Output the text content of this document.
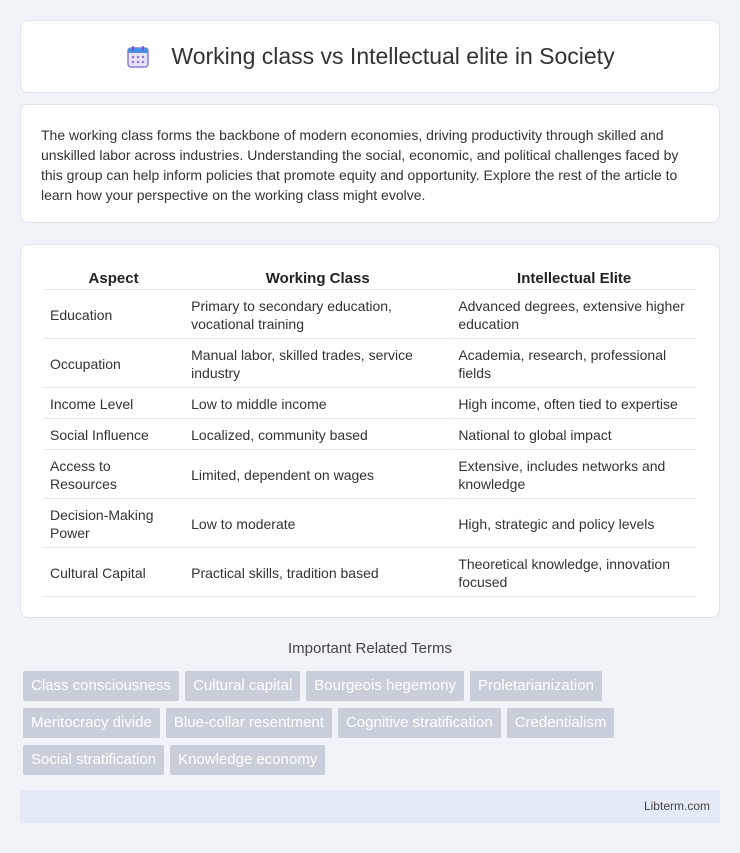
Working class vs Intellectual elite in Society

The working class forms the backbone of modern economies, driving productivity through skilled and unskilled labor across industries. Understanding the social, economic, and political challenges faced by this group can help inform policies that promote equity and opportunity. Explore the rest of the article to learn how your perspective on the working class might evolve.

Aspect	Working Class	Intellectual Elite
Education	Primary to secondary education, vocational training	Advanced degrees, extensive higher education
Occupation	Manual labor, skilled trades, service industry	Academia, research, professional fields
Income Level	Low to middle income	High income, often tied to expertise
Social Influence	Localized, community based	National to global impact
Access to Resources	Limited, dependent on wages	Extensive, includes networks and knowledge
Decision-Making Power	Low to moderate	High, strategic and policy levels
Cultural Capital	Practical skills, tradition based	Theoretical knowledge, innovation focused
Important Related Terms
Class consciousness	Cultural capital	Bourgeois hegemony	Proletarianization
Meritocracy divide	Blue-collar resentment	Cognitive stratification	Credentialism
Social stratification	Knowledge economy
Libterm.com
